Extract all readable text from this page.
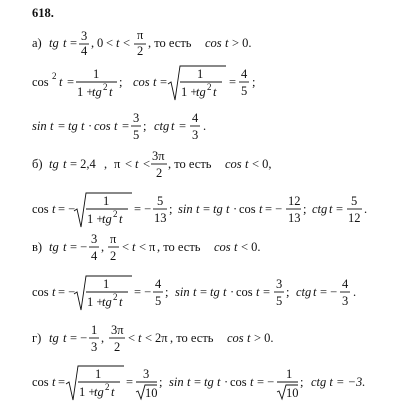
618.
а) tg t = 3
4
, 0 < t <
π
2
, то есть cos t > 0.
cos 2 t =
1
1 +
tg 2 t
; cos t =
1
1 +
tg 2 t
=
4
5
;
sin t = tg t · cos t =
3
5
; ctg t =
4
3
.
б) tg t = 2,4 , π < t <
3π
2
, то есть cos t < 0,
cos t = −
1
1 +
tg 2 t
= −
5
13
; sin t = tg t · cos t = −
12
13
; ctg t =
5
12
.
в) tg t = −
3
4
,
π
2
< t < π , то есть cos t < 0.
cos t = −
1
1 +
tg 2 t
= −
4
5
; sin t = tg t · cos t =
3
5
; ctg t = −
4
3
.
г) tg t = −
1
3
,
3π
2
< t < 2π , то есть cos t > 0.
cos t =
1
1 +
tg 2 t
=
3
10
; sin t = tg t · cos t = −
1
10
; ctg t = −3.
